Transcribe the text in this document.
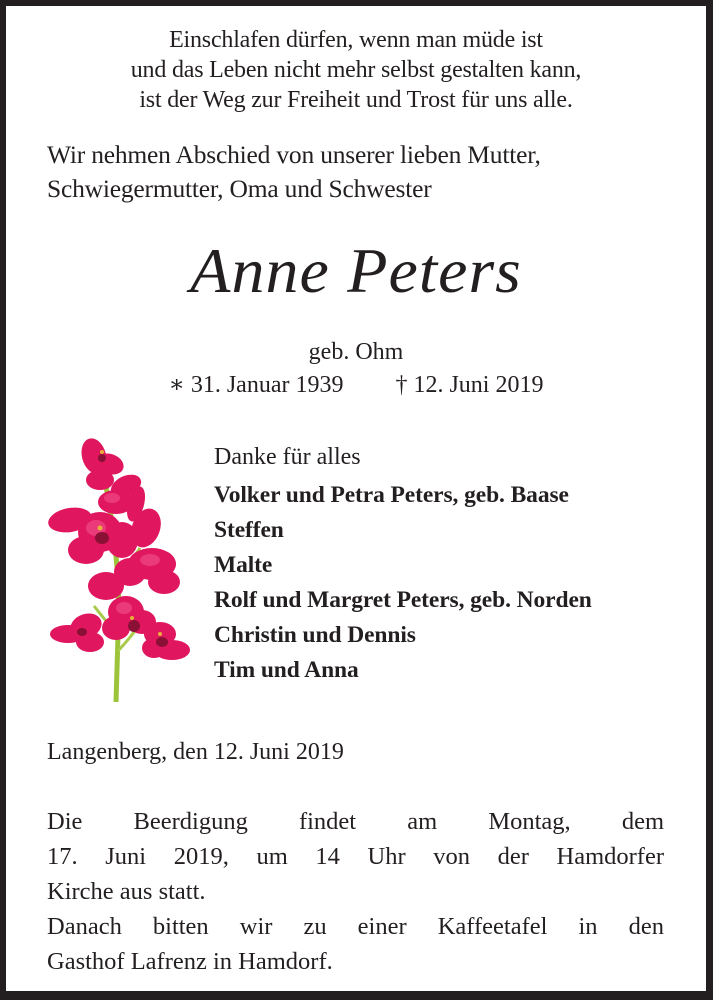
Einschlafen dürfen, wenn man müde ist
und das Leben nicht mehr selbst gestalten kann,
ist der Weg zur Freiheit und Trost für uns alle.
Wir nehmen Abschied von unserer lieben Mutter,
Schwiegermutter, Oma und Schwester
Anne Peters
geb. Ohm
∗ 31. Januar 1939 † 12. Juni 2019
Danke für alles
Volker und Petra Peters, geb. Baase
Steffen
Malte
Rolf und Margret Peters, geb. Norden
Christin und Dennis
Tim und Anna
Langenberg, den 12. Juni 2019

Die Beerdigung findet am Montag, dem
17. Juni 2019, um 14 Uhr von der Hamdorfer
Kirche aus statt.

Danach bitten wir zu einer Kaffeetafel in den
Gasthof Lafrenz in Hamdorf.
